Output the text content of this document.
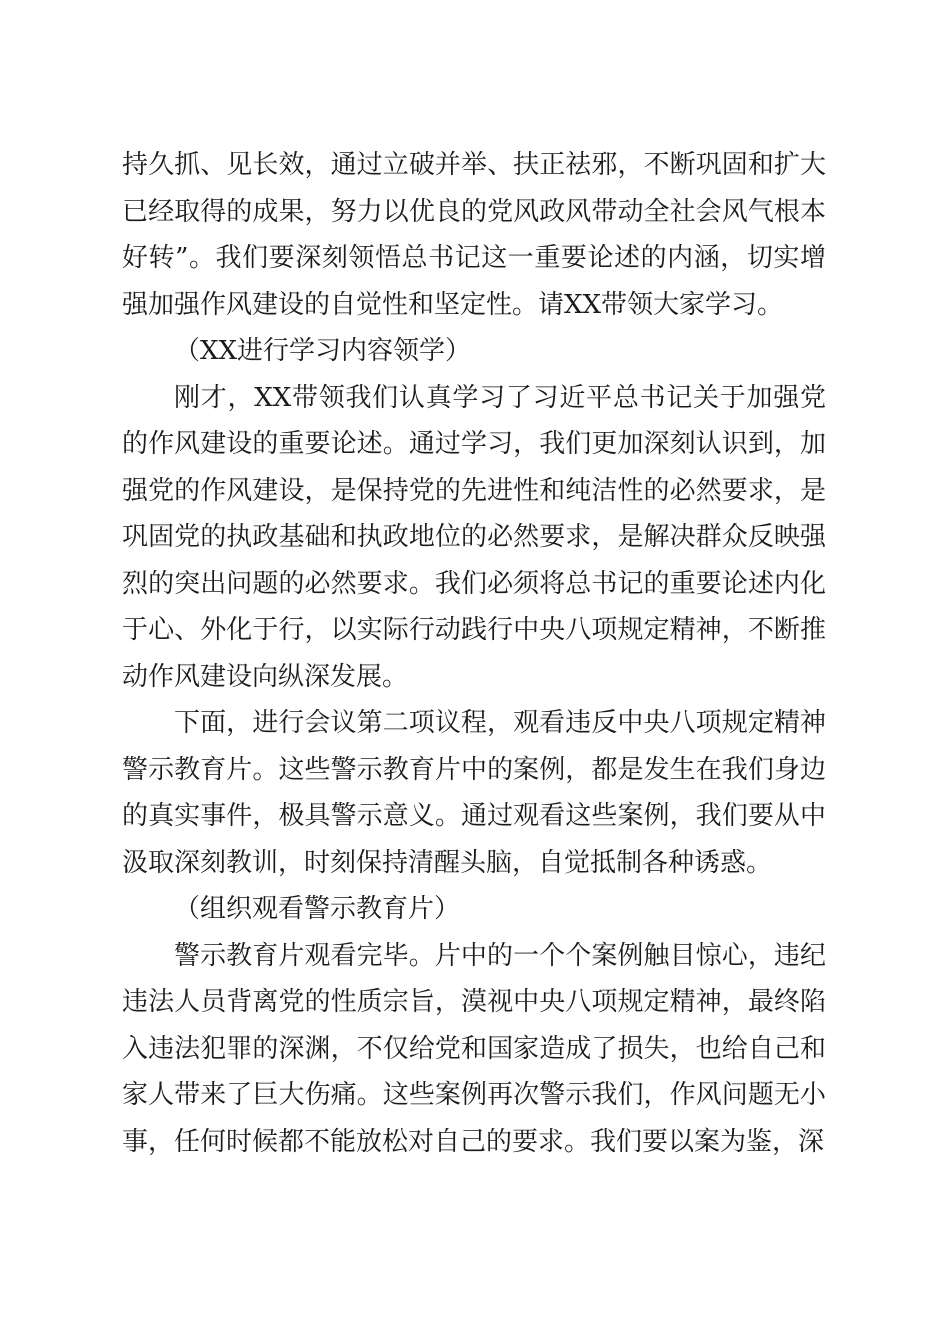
持久抓、见长效，通过立破并举、扶正祛邪，不断巩固和扩大已经取得的成果，努力以优良的党风政风带动全社会风气根本好转”。我们要深刻领悟总书记这一重要论述的内涵，切实增强加强作风建设的自觉性和坚定性。请XX带领大家学习。

（XX进行学习内容领学）

刚才，XX带领我们认真学习了习近平总书记关于加强党的作风建设的重要论述。通过学习，我们更加深刻认识到，加强党的作风建设，是保持党的先进性和纯洁性的必然要求，是巩固党的执政基础和执政地位的必然要求，是解决群众反映强烈的突出问题的必然要求。我们必须将总书记的重要论述内化于心、外化于行，以实际行动践行中央八项规定精神，不断推动作风建设向纵深发展。

下面，进行会议第二项议程，观看违反中央八项规定精神警示教育片。这些警示教育片中的案例，都是发生在我们身边的真实事件，极具警示意义。通过观看这些案例，我们要从中汲取深刻教训，时刻保持清醒头脑，自觉抵制各种诱惑。

（组织观看警示教育片）

警示教育片观看完毕。片中的一个个案例触目惊心，违纪违法人员背离党的性质宗旨，漠视中央八项规定精神，最终陷入违法犯罪的深渊，不仅给党和国家造成了损失，也给自己和家人带来了巨大伤痛。这些案例再次警示我们，作风问题无小事，任何时候都不能放松对自己的要求。我们要以案为鉴，深
